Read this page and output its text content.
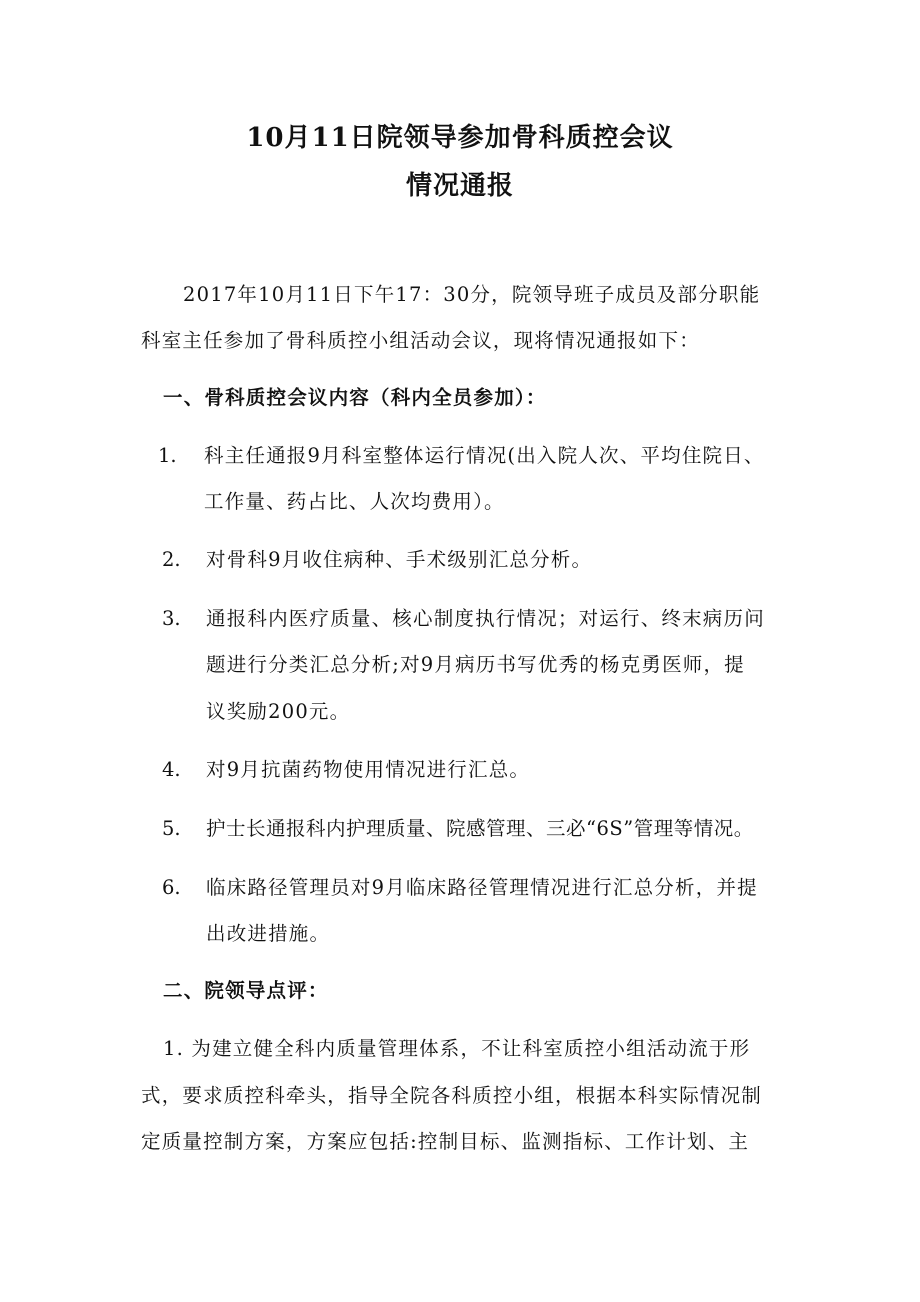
10月11日院领导参加骨科质控会议
情况通报
2017年10月11日下午17：30分，院领导班子成员及部分职能
科室主任参加了骨科质控小组活动会议，现将情况通报如下：
一、骨科质控会议内容（科内全员参加）：
1. 科主任通报9月科室整体运行情况(出入院人次、平均住院日、
工作量、药占比、人次均费用）。
2. 对骨科9月收住病种、手术级别汇总分析。
3. 通报科内医疗质量、核心制度执行情况；对运行、终末病历问
题进行分类汇总分析;对9月病历书写优秀的杨克勇医师，提
议奖励200元。
4. 对9月抗菌药物使用情况进行汇总。
5. 护士长通报科内护理质量、院感管理、三必“6S”管理等情况。
6. 临床路径管理员对9月临床路径管理情况进行汇总分析，并提
出改进措施。
二、院领导点评：
1. 为建立健全科内质量管理体系，不让科室质控小组活动流于形
式，要求质控科牵头，指导全院各科质控小组，根据本科实际情况制
定质量控制方案，方案应包括:控制目标、监测指标、工作计划、主
